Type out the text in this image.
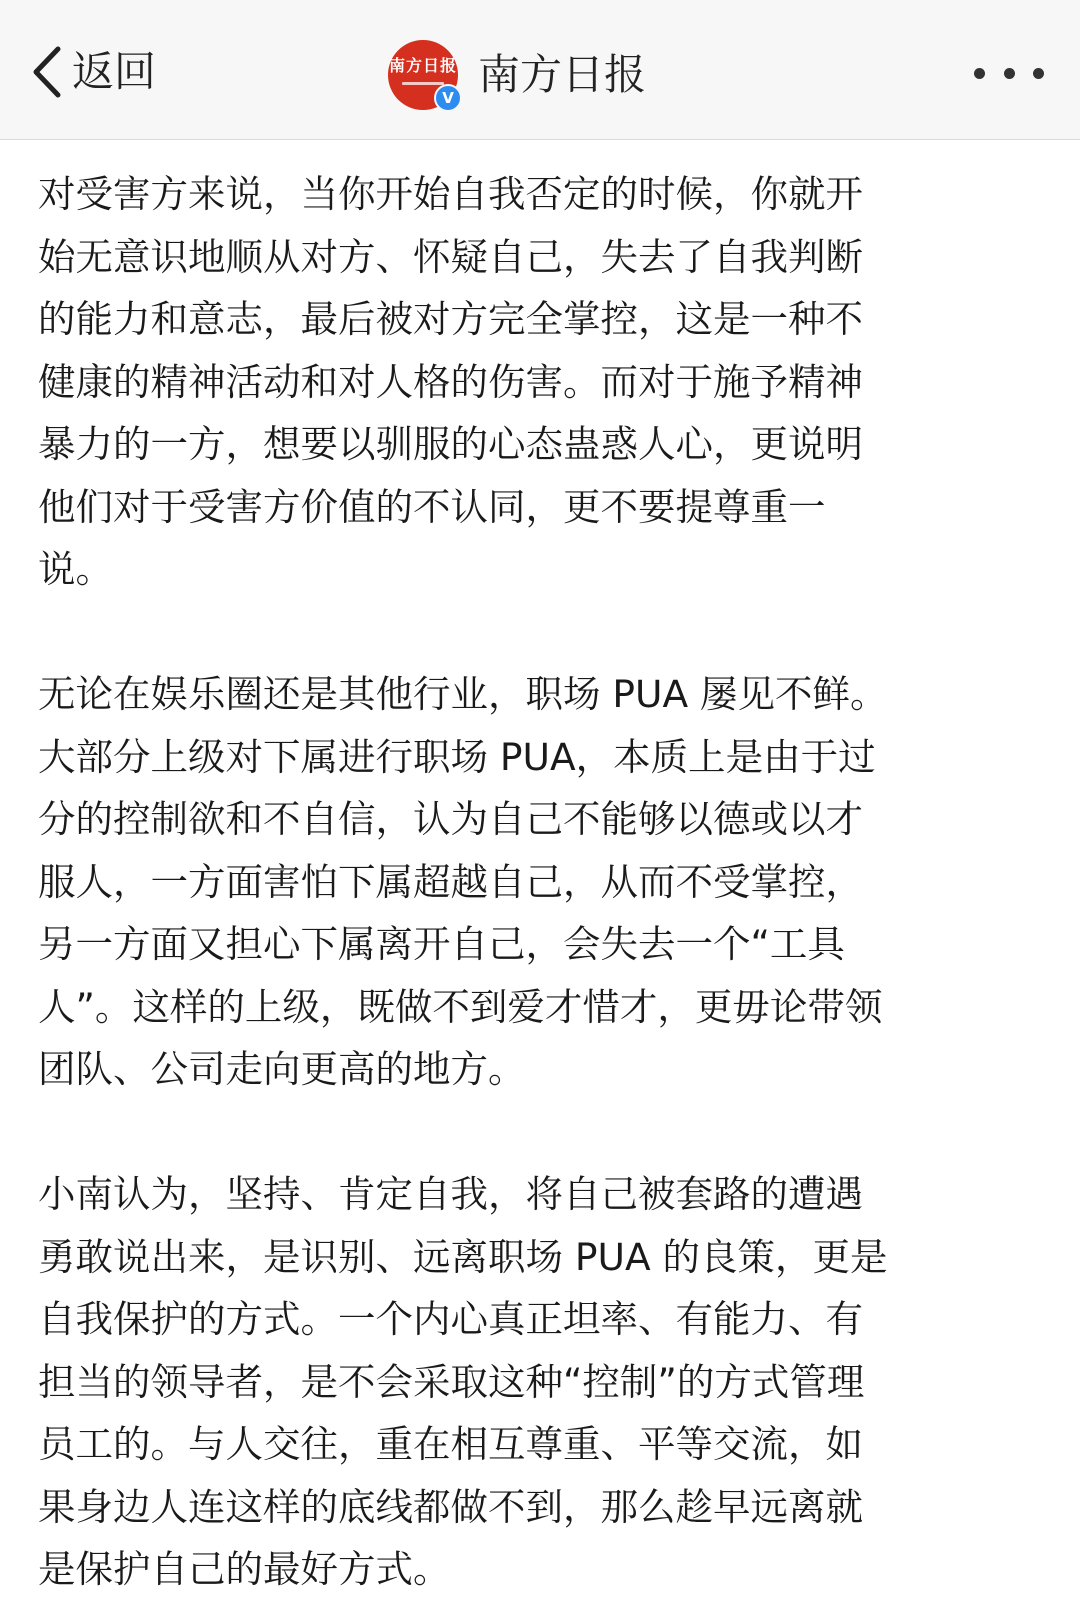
返回	南方日报
V 南方日报

对受害方来说，当你开始自我否定的时候，你就开
始无意识地顺从对方、怀疑自己，失去了自我判断
的能力和意志，最后被对方完全掌控，这是一种不
健康的精神活动和对人格的伤害。而对于施予精神
暴力的一方，想要以驯服的心态蛊惑人心，更说明
他们对于受害方价值的不认同，更不要提尊重一
说。

无论在娱乐圈还是其他行业，职场 PUA 屡见不鲜。
大部分上级对下属进行职场 PUA，本质上是由于过
分的控制欲和不自信，认为自己不能够以德或以才
服人，一方面害怕下属超越自己，从而不受掌控，
另一方面又担心下属离开自己，会失去一个“工具
人”。这样的上级，既做不到爱才惜才，更毋论带领
团队、公司走向更高的地方。

小南认为，坚持、肯定自我，将自己被套路的遭遇
勇敢说出来，是识别、远离职场 PUA 的良策，更是
自我保护的方式。一个内心真正坦率、有能力、有
担当的领导者，是不会采取这种“控制”的方式管理
员工的。与人交往，重在相互尊重、平等交流，如
果身边人连这样的底线都做不到，那么趁早远离就
是保护自己的最好方式。
